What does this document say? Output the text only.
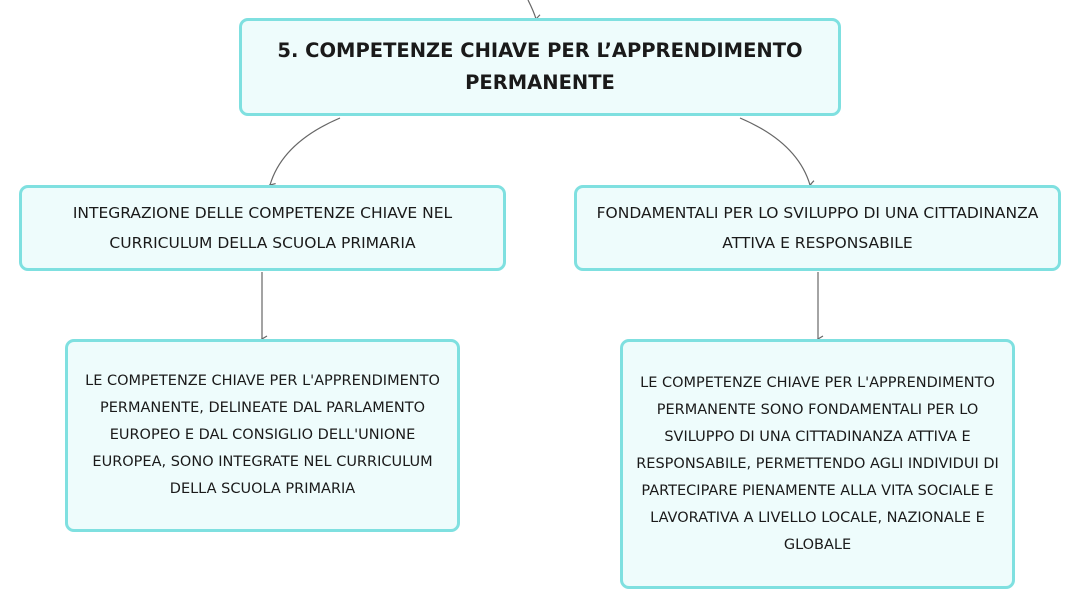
5. COMPETENZE CHIAVE PER L’APPRENDIMENTO PERMANENTE
INTEGRAZIONE DELLE COMPETENZE CHIAVE NEL CURRICULUM DELLA SCUOLA PRIMARIA
FONDAMENTALI PER LO SVILUPPO DI UNA CITTADINANZA ATTIVA E RESPONSABILE
LE COMPETENZE CHIAVE PER L'APPRENDIMENTO PERMANENTE, DELINEATE DAL PARLAMENTO EUROPEO E DAL CONSIGLIO DELL'UNIONE EUROPEA, SONO INTEGRATE NEL CURRICULUM DELLA SCUOLA PRIMARIA
LE COMPETENZE CHIAVE PER L'APPRENDIMENTO PERMANENTE SONO FONDAMENTALI PER LO SVILUPPO DI UNA CITTADINANZA ATTIVA E RESPONSABILE, PERMETTENDO AGLI INDIVIDUI DI PARTECIPARE PIENAMENTE ALLA VITA SOCIALE E LAVORATIVA A LIVELLO LOCALE, NAZIONALE E GLOBALE
